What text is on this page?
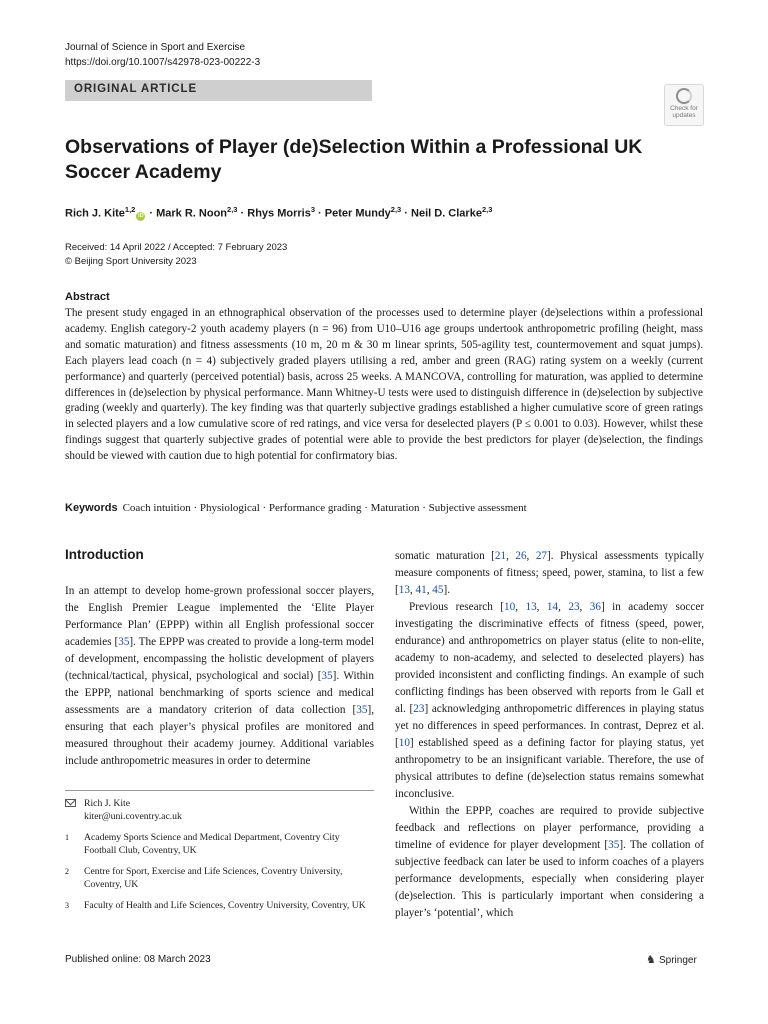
Journal of Science in Sport and Exercise
https://doi.org/10.1007/s42978-023-00222-3
ORIGINAL ARTICLE
Check for
updates
Observations of Player (de)Selection Within a Professional UK Soccer Academy
Rich J. Kite$^{1,2}$iD · Mark R. Noon$^{2,3}$ · Rhys Morris$^3$ · Peter Mundy$^{2,3}$ · Neil D. Clarke$^{2,3}$
Received: 14 April 2022 / Accepted: 7 February 2023
© Beijing Sport University 2023
Abstract
The present study engaged in an ethnographical observation of the processes used to determine player (de)selections within a professional academy. English category-2 youth academy players (n = 96) from U10–U16 age groups undertook anthropometric profiling (height, mass and somatic maturation) and fitness assessments (10 m, 20 m & 30 m linear sprints, 505-agility test, countermovement and squat jumps). Each players lead coach (n = 4) subjectively graded players utilising a red, amber and green (RAG) rating system on a weekly (current performance) and quarterly (perceived potential) basis, across 25 weeks. A MANCOVA, controlling for maturation, was applied to determine differences in (de)selection by physical performance. Mann Whitney-U tests were used to distinguish difference in (de)selection by subjective grading (weekly and quarterly). The key finding was that quarterly subjective gradings established a higher cumulative score of green ratings in selected players and a low cumulative score of red ratings, and vice versa for deselected players (P ≤ 0.001 to 0.03). However, whilst these findings suggest that quarterly subjective grades of potential were able to provide the best predictors for player (de)selection, the findings should be viewed with caution due to high potential for confirmatory bias.
Keywords Coach intuition · Physiological · Performance grading · Maturation · Subjective assessment
Introduction

In an attempt to develop home-grown professional soccer players, the English Premier League implemented the ‘Elite Player Performance Plan’ (EPPP) within all English professional soccer academies [35]. The EPPP was created to provide a long-term model of development, encompassing the holistic development of players (technical/tactical, physical, psychological and social) [35]. Within the EPPP, national benchmarking of sports science and medical assessments are a mandatory criterion of data collection [35], ensuring that each player’s physical profiles are monitored and measured throughout their academy journey. Additional variables include anthropometric measures in order to determine

somatic maturation [21, 26, 27]. Physical assessments typically measure components of fitness; speed, power, stamina, to list a few [13, 41, 45].

Previous research [10, 13, 14, 23, 36] in academy soccer investigating the discriminative effects of fitness (speed, power, endurance) and anthropometrics on player status (elite to non-elite, academy to non-academy, and selected to deselected players) has provided inconsistent and conflicting findings. An example of such conflicting findings has been observed with reports from le Gall et al. [23] acknowledging anthropometric differences in playing status yet no differences in speed performances. In contrast, Deprez et al. [10] established speed as a defining factor for playing status, yet anthropometry to be an insignificant variable. Therefore, the use of physical attributes to define (de)selection status remains somewhat inconclusive.

Within the EPPP, coaches are required to provide subjective feedback and reflections on player performance, providing a timeline of evidence for player development [35]. The collation of subjective feedback can later be used to inform coaches of a players performance developments, especially when considering player (de)selection. This is particularly important when considering a player’s ‘potential’, which

Rich J. Kite
kiter@uni.coventry.ac.uk
1 Academy Sports Science and Medical Department, Coventry City Football Club, Coventry, UK
2 Centre for Sport, Exercise and Life Sciences, Coventry University, Coventry, UK
3 Faculty of Health and Life Sciences, Coventry University, Coventry, UK
Published online: 08 March 2023	♞ Springer
